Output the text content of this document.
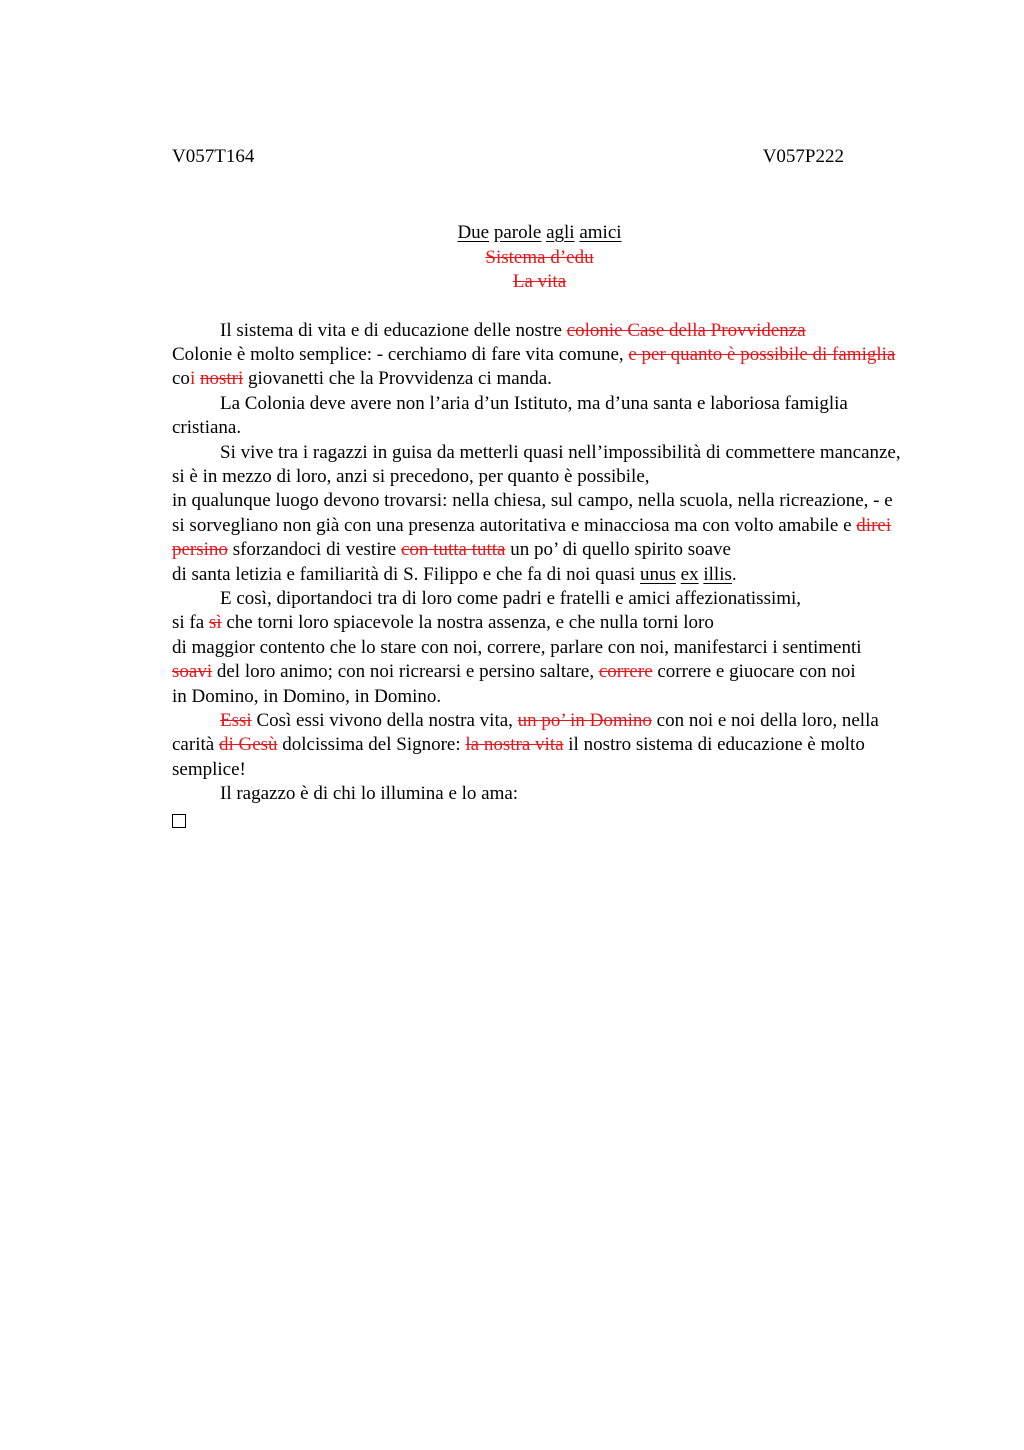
V057T164	V057P222
Due parole agli amici
Sistema d’edu
La vita

Il sistema di vita e di educazione delle nostre colonie Case della Provvidenza
Colonie è molto semplice: - cerchiamo di fare vita comune, e per quanto è possibile di famiglia coi nostri giovanetti che la Provvidenza ci manda.

La Colonia deve avere non l’aria d’un Istituto, ma d’una santa e laboriosa famiglia cristiana.

Si vive tra i ragazzi in guisa da metterli quasi nell’impossibilità di commettere mancanze, si è in mezzo di loro, anzi si precedono, per quanto è possibile,
in qualunque luogo devono trovarsi: nella chiesa, sul campo, nella scuola, nella ricreazione, - e si sorvegliano non già con una presenza autoritativa e minacciosa ma con volto amabile e direi persino sforzandoci di vestire con tutta tutta un po’ di quello spirito soave
di santa letizia e familiarità di S. Filippo e che fa di noi quasi unus ex illis.

E così, diportandoci tra di loro come padri e fratelli e amici affezionatissimi,
si fa sì che torni loro spiacevole la nostra assenza, e che nulla torni loro
di maggior contento che lo stare con noi, correre, parlare con noi, manifestarci i sentimenti
soavi del loro animo; con noi ricrearsi e persino saltare, correre correre e giuocare con noi
in Domino, in Domino, in Domino.

Essi Così essi vivono della nostra vita, un po’ in Domino con noi e noi della loro, nella carità di Gesù dolcissima del Signore: la nostra vita il nostro sistema di educazione è molto semplice!

Il ragazzo è di chi lo illumina e lo ama:
